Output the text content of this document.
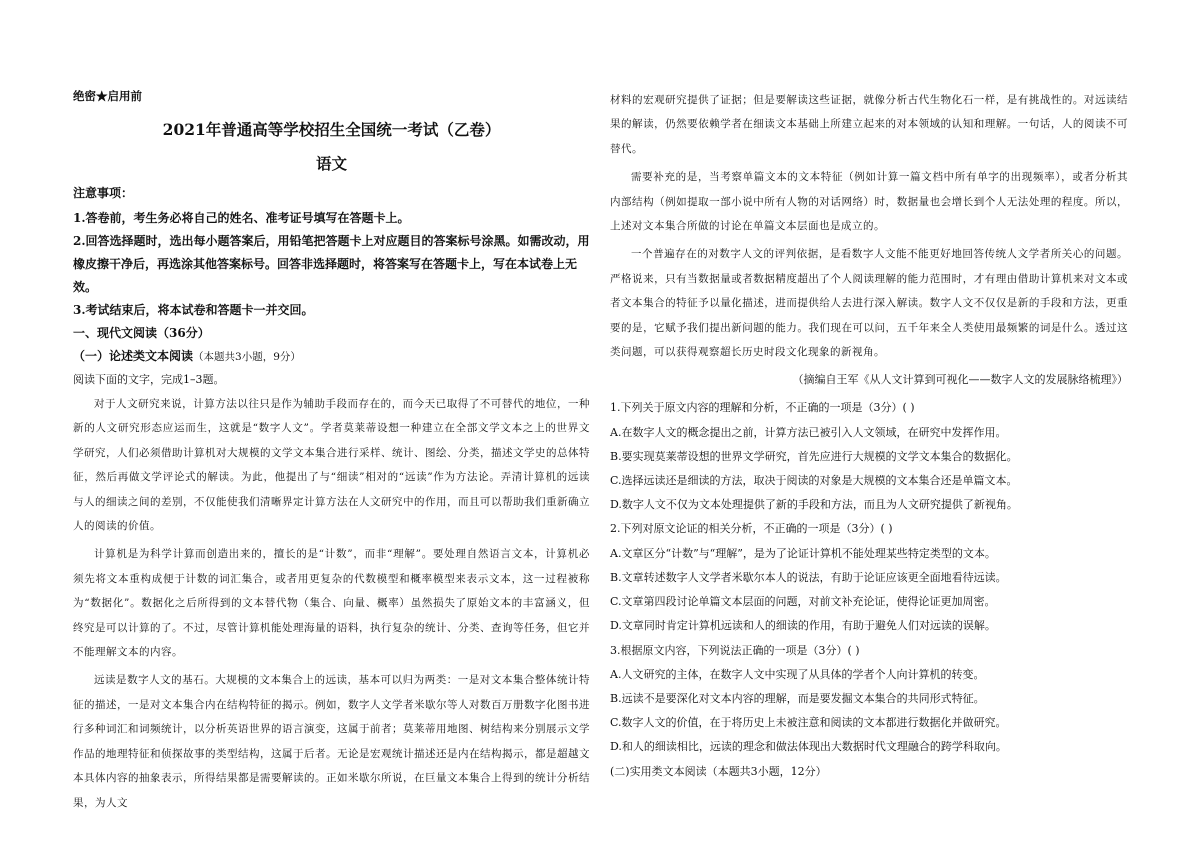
绝密★启用前

2021年普通高等学校招生全国统一考试（乙卷）

语文

注意事项：

1.答卷前，考生务必将自己的姓名、准考证号填写在答题卡上。

2.回答选择题时，选出每小题答案后，用铅笔把答题卡上对应题目的答案标号涂黑。如需改动，用橡皮擦干净后，再选涂其他答案标号。回答非选择题时，将答案写在答题卡上，写在本试卷上无效。

3.考试结束后，将本试卷和答题卡一并交回。

一、现代文阅读（36分）

（一）论述类文本阅读（本题共3小题，9分）

阅读下面的文字，完成1–3题。

对于人文研究来说，计算方法以往只是作为辅助手段而存在的，而今天已取得了不可替代的地位，一种新的人文研究形态应运而生，这就是“数字人文”。学者莫莱蒂设想一种建立在全部文学文本之上的世界文学研究，人们必须借助计算机对大规模的文学文本集合进行采样、统计、图绘、分类，描述文学史的总体特征，然后再做文学评论式的解读。为此，他提出了与“细读”相对的“远读”作为方法论。弄清计算机的远读与人的细读之间的差别，不仅能使我们清晰界定计算方法在人文研究中的作用，而且可以帮助我们重新确立人的阅读的价值。

计算机是为科学计算而创造出来的，擅长的是“计数”，而非“理解”。要处理自然语言文本，计算机必须先将文本重构成便于计数的词汇集合，或者用更复杂的代数模型和概率模型来表示文本，这一过程被称为“数据化”。数据化之后所得到的文本替代物（集合、向量、概率）虽然损失了原始文本的丰富涵义，但终究是可以计算的了。不过，尽管计算机能处理海量的语料，执行复杂的统计、分类、查询等任务，但它并不能理解文本的内容。

远读是数字人文的基石。大规模的文本集合上的远读，基本可以归为两类：一是对文本集合整体统计特征的描述，一是对文本集合内在结构特征的揭示。例如，数字人文学者米歇尔等人对数百万册数字化图书进行多种词汇和词频统计，以分析英语世界的语言演变，这属于前者；莫莱蒂用地图、树结构来分别展示文学作品的地理特征和侦探故事的类型结构，这属于后者。无论是宏观统计描述还是内在结构揭示，都是超越文本具体内容的抽象表示，所得结果都是需要解读的。正如米歇尔所说，在巨量文本集合上得到的统计分析结果，为人文

材料的宏观研究提供了证据；但是要解读这些证据，就像分析古代生物化石一样，是有挑战性的。对远读结果的解读，仍然要依赖学者在细读文本基础上所建立起来的对本领域的认知和理解。一句话，人的阅读不可替代。

需要补充的是，当考察单篇文本的文本特征（例如计算一篇文档中所有单字的出现频率），或者分析其内部结构（例如提取一部小说中所有人物的对话网络）时，数据量也会增长到个人无法处理的程度。所以，上述对文本集合所做的讨论在单篇文本层面也是成立的。

一个普遍存在的对数字人文的评判依据，是看数字人文能不能更好地回答传统人文学者所关心的问题。严格说来，只有当数据量或者数据精度超出了个人阅读理解的能力范围时，才有理由借助计算机来对文本或者文本集合的特征予以量化描述，进而提供给人去进行深入解读。数字人文不仅仅是新的手段和方法，更重要的是，它赋予我们提出新问题的能力。我们现在可以问，五千年来全人类使用最频繁的词是什么。透过这类问题，可以获得观察超长历史时段文化现象的新视角。

（摘编自王军《从人文计算到可视化——数字人文的发展脉络梳理》）

1.下列关于原文内容的理解和分析，不正确的一项是（3分）( )

A.在数字人文的概念提出之前，计算方法已被引入人文领域，在研究中发挥作用。

B.要实现莫莱蒂设想的世界文学研究，首先应进行大规模的文学文本集合的数据化。

C.选择远读还是细读的方法，取决于阅读的对象是大规模的文本集合还是单篇文本。

D.数字人文不仅为文本处理提供了新的手段和方法，而且为人文研究提供了新视角。

2.下列对原文论证的相关分析，不正确的一项是（3分）( )

A.文章区分“计数”与“理解”，是为了论证计算机不能处理某些特定类型的文本。

B.文章转述数字人文学者米歇尔本人的说法，有助于论证应该更全面地看待远读。

C.文章第四段讨论单篇文本层面的问题，对前文补充论证，使得论证更加周密。

D.文章同时肯定计算机远读和人的细读的作用，有助于避免人们对远读的误解。

3.根据原文内容，下列说法正确的一项是（3分）( )

A.人文研究的主体，在数字人文中实现了从具体的学者个人向计算机的转变。

B.远读不是要深化对文本内容的理解，而是要发掘文本集合的共同形式特征。

C.数字人文的价值，在于将历史上未被注意和阅读的文本都进行数据化并做研究。

D.和人的细读相比，远读的理念和做法体现出大数据时代文理融合的跨学科取向。

(二)实用类文本阅读（本题共3小题，12分）
